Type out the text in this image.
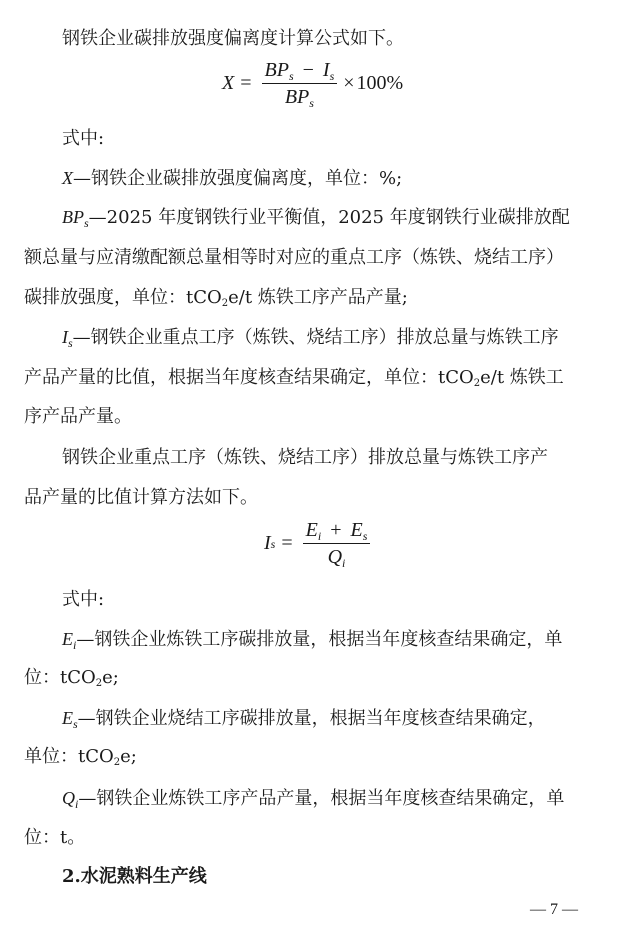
钢铁企业碳排放强度偏离度计算公式如下。
$X = \frac{BP_s - I_s}{BP_s} \times 100\%$
式中:
X—钢铁企业碳排放强度偏离度，单位：%;
$BP_s—2025$ 年度钢铁行业平衡值，2025 年度钢铁行业碳排放配
额总量与应清缴配额总量相等时对应的重点工序（炼铁、烧结工序）
碳排放强度，单位：tCO2e/t 炼铁工序产品产量;
$I_s—$钢铁企业重点工序（炼铁、烧结工序）排放总量与炼铁工序
产品产量的比值，根据当年度核查结果确定，单位：tCO2e/t 炼铁工
序产品产量。
钢铁企业重点工序（炼铁、烧结工序）排放总量与炼铁工序产
品产量的比值计算方法如下。
I $s = \frac{E_i + E_s}{Q_i}$
式中:
$E_i—$钢铁企业炼铁工序碳排放量，根据当年度核查结果确定，单
位：tCO2e;
$E_s—$钢铁企业烧结工序碳排放量，根据当年度核查结果确定，
单位：tCO2e;
$Q_i—$钢铁企业炼铁工序产品产量，根据当年度核查结果确定，单
位：t。
2.水泥熟料生产线
— 7 —
